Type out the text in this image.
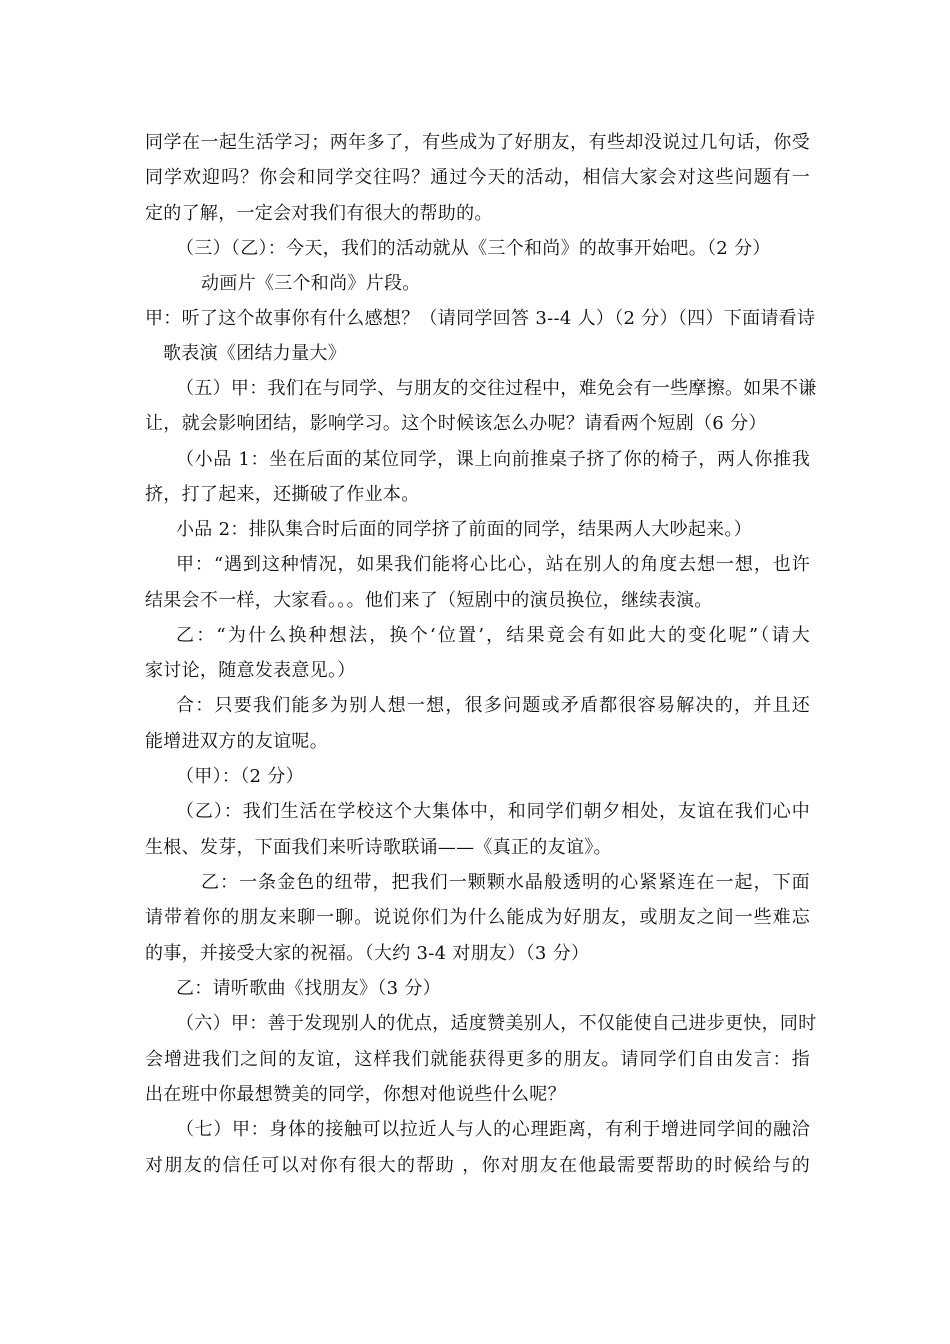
同学在一起生活学习；两年多了，有些成为了好朋友，有些却没说过几句话，你受
同学欢迎吗？你会和同学交往吗？通过今天的活动，相信大家会对这些问题有一
定的了解，一定会对我们有很大的帮助的。
（三）（乙）：今天，我们的活动就从《三个和尚》的故事开始吧。（2 分）
动画片《三个和尚》片段。
甲：听了这个故事你有什么感想？（请同学回答 3--4 人）（2 分）（四）下面请看诗
歌表演《团结力量大》
（五）甲：我们在与同学、与朋友的交往过程中，难免会有一些摩擦。如果不谦
让，就会影响团结，影响学习。这个时候该怎么办呢？请看两个短剧（6 分）
（小品 1：坐在后面的某位同学，课上向前推桌子挤了你的椅子，两人你推我
挤，打了起来，还撕破了作业本。
小品 2：排队集合时后面的同学挤了前面的同学，结果两人大吵起来。）
甲：“遇到这种情况，如果我们能将心比心，站在别人的角度去想一想，也许
结果会不一样，大家看。。。他们来了（短剧中的演员换位，继续表演。
乙：“为什么换种想法，换个‘位置’，结果竟会有如此大的变化呢”（请大
家讨论，随意发表意见。）
合：只要我们能多为别人想一想，很多问题或矛盾都很容易解决的，并且还
能增进双方的友谊呢。
（甲）：（2 分）
（乙）：我们生活在学校这个大集体中，和同学们朝夕相处，友谊在我们心中
生根、发芽，下面我们来听诗歌联诵——《真正的友谊》。
乙：一条金色的纽带，把我们一颗颗水晶般透明的心紧紧连在一起，下面
请带着你的朋友来聊一聊。说说你们为什么能成为好朋友，或朋友之间一些难忘
的事，并接受大家的祝福。（大约 3-4 对朋友）（3 分）
乙：请听歌曲《找朋友》（3 分）
（六）甲：善于发现别人的优点，适度赞美别人，不仅能使自己进步更快，同时
会增进我们之间的友谊，这样我们就能获得更多的朋友。请同学们自由发言：指
出在班中你最想赞美的同学，你想对他说些什么呢？
（七）甲：身体的接触可以拉近人与人的心理距离，有利于增进同学间的融洽
对朋友的信任可以对你有很大的帮助 ，你对朋友在他最需要帮助的时候给与的
